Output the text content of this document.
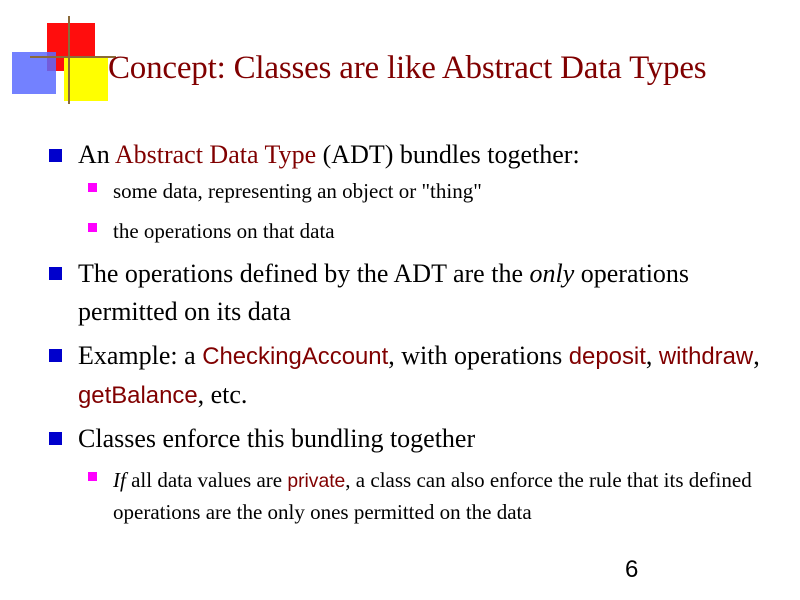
Concept: Classes are like Abstract Data Types
An Abstract Data Type (ADT) bundles together:
some data, representing an object or "thing"
the operations on that data
The operations defined by the ADT are the only operations permitted on its data
Example: a CheckingAccount, with operations deposit, withdraw, getBalance, etc.
Classes enforce this bundling together
If all data values are private, a class can also enforce the rule that its defined operations are the only ones permitted on the data
6
